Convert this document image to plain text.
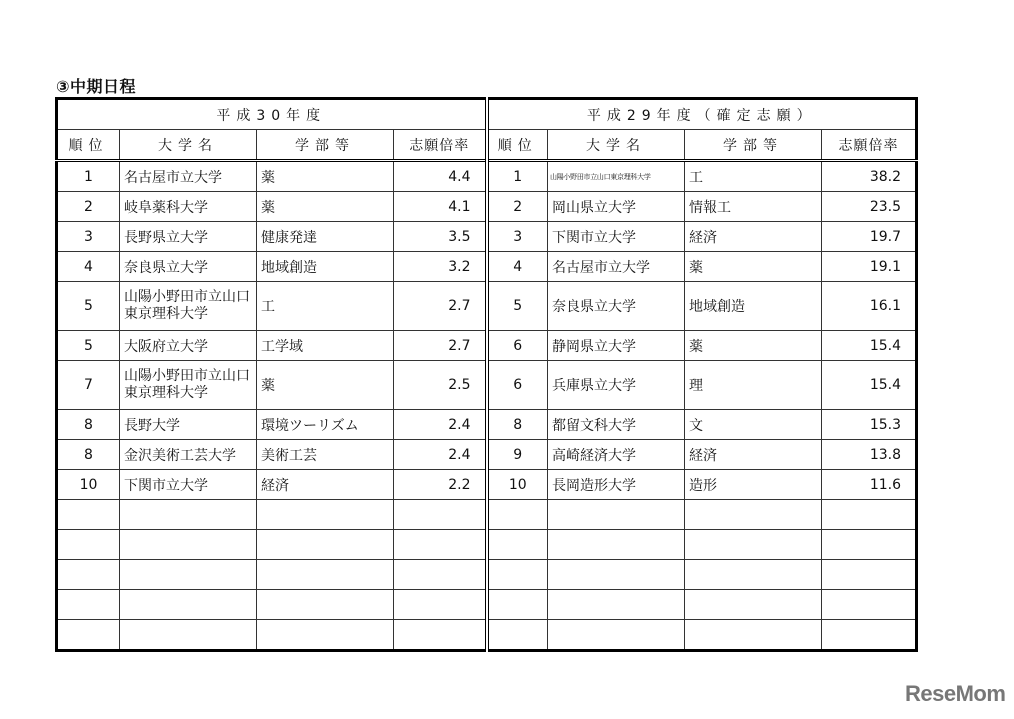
③中期日程
平成30年度				平成29年度（確定志願）			
順位	大学名	学部等	志願倍率	順位	大学名	学部等	志願倍率
1	名古屋市立大学	薬	4.4	1	山陽小野田市立山口東京理科大学	工	38.2
2	岐阜薬科大学	薬	4.1	2	岡山県立大学	情報工	23.5
3	長野県立大学	健康発達	3.5	3	下関市立大学	経済	19.7
4	奈良県立大学	地域創造	3.2	4	名古屋市立大学	薬	19.1
5	山陽小野田市立山口東京理科大学	工	2.7	5	奈良県立大学	地域創造	16.1
5	大阪府立大学	工学域	2.7	6	静岡県立大学	薬	15.4
7	山陽小野田市立山口東京理科大学	薬	2.5	6	兵庫県立大学	理	15.4
8	長野大学	環境ツーリズム	2.4	8	都留文科大学	文	15.3
8	金沢美術工芸大学	美術工芸	2.4	9	高崎経済大学	経済	13.8
10	下関市立大学	経済	2.2	10	長岡造形大学	造形	11.6

ReseMom
